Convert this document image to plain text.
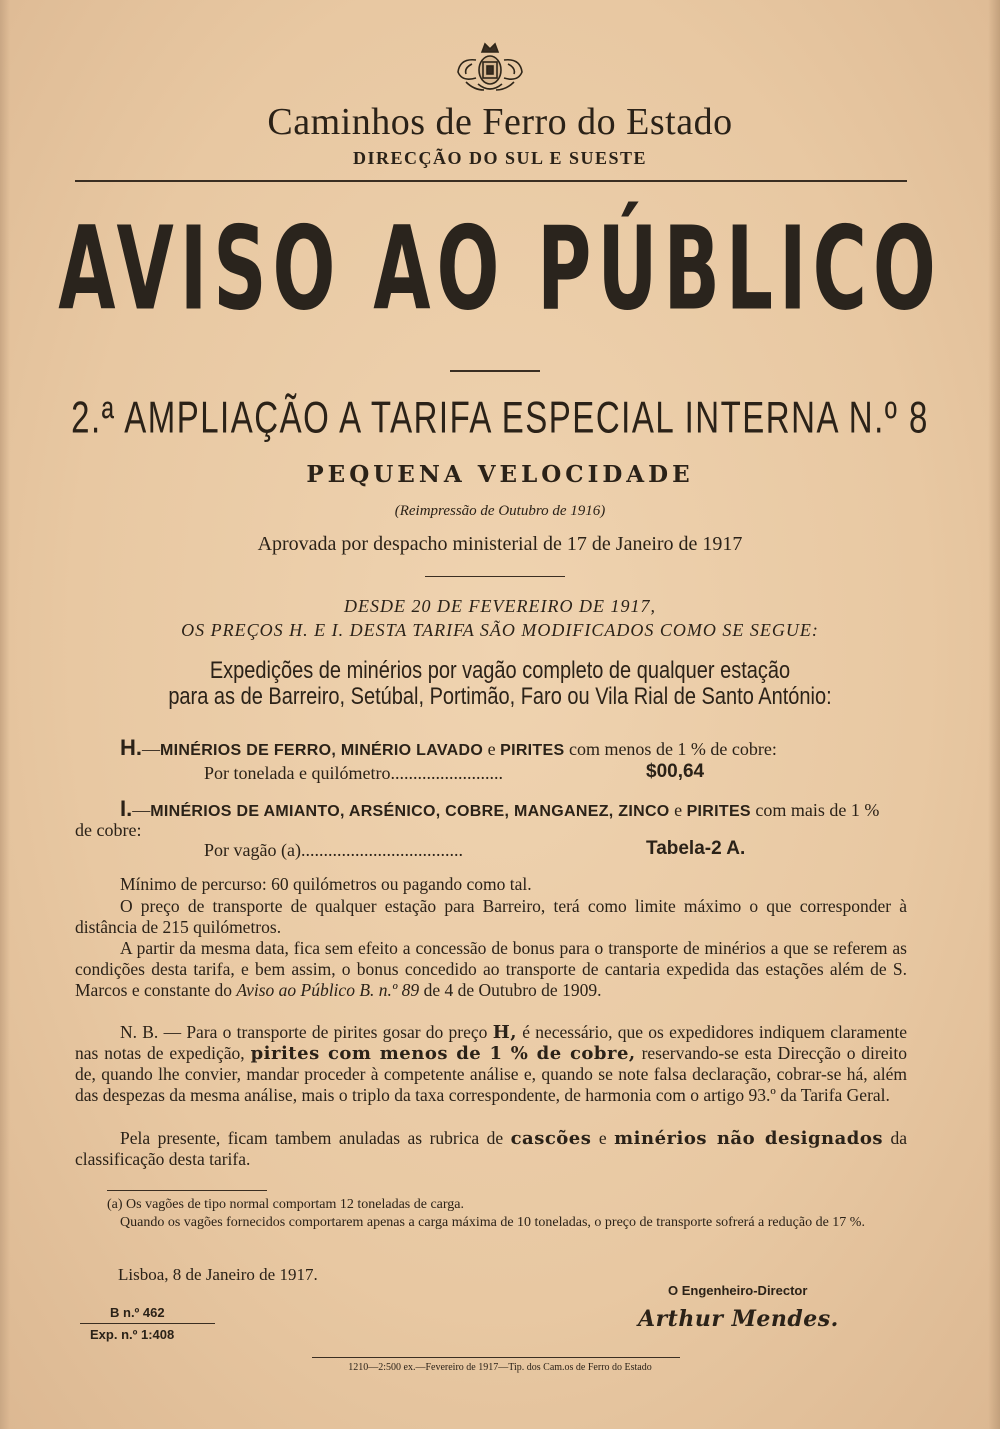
Caminhos de Ferro do Estado
DIRECÇÃO DO SUL E SUESTE
AVISO AO PÚBLICO
2.ª AMPLIAÇÃO A TARIFA ESPECIAL INTERNA N.º 8
PEQUENA VELOCIDADE
(Reimpressão de Outubro de 1916)
Aprovada por despacho ministerial de 17 de Janeiro de 1917
DESDE 20 DE FEVEREIRO DE 1917,
OS PREÇOS H. E I. DESTA TARIFA SÃO MODIFICADOS COMO SE SEGUE:
Expedições de minérios por vagão completo de qualquer estação
para as de Barreiro, Setúbal, Portimão, Faro ou Vila Rial de Santo António:
H.—MINÉRIOS DE FERRO, MINÉRIO LAVADO e PIRITES com menos de 1 % de cobre:
Por tonelada e quilómetro.........................	$00,64
I.—MINÉRIOS DE AMIANTO, ARSÉNICO, COBRE, MANGANEZ, ZINCO e PIRITES com mais de 1 %
de cobre:
Por vagão (a)....................................	Tabela-2 A.
Mínimo de percurso: 60 quilómetros ou pagando como tal.
O preço de transporte de qualquer estação para Barreiro, terá como limite máximo o que corresponder à distância de 215 quilómetros.
A partir da mesma data, fica sem efeito a concessão de bonus para o transporte de minérios a que se referem as condições desta tarifa, e bem assim, o bonus concedido ao transporte de cantaria expedida das estações além de S. Marcos e constante do Aviso ao Público B. n.º 89 de 4 de Outubro de 1909.
N. B. — Para o transporte de pirites gosar do preço H, é necessário, que os expedidores indiquem claramente nas notas de expedição, pirites com menos de 1 % de cobre, reservando-se esta Direcção o direito de, quando lhe convier, mandar proceder à competente análise e, quando se note falsa declaração, cobrar-se há, além das despezas da mesma análise, mais o triplo da taxa correspondente, de harmonia com o artigo 93.º da Tarifa Geral.
Pela presente, ficam tambem anuladas as rubrica de cascões e minérios não designados da classificação desta tarifa.
(a) Os vagões de tipo normal comportam 12 toneladas de carga.
Quando os vagões fornecidos comportarem apenas a carga máxima de 10 toneladas, o preço de transporte sofrerá a redução de 17 %.
Lisboa, 8 de Janeiro de 1917.
O Engenheiro-Director
Arthur Mendes.
B n.º 462
Exp. n.º 1:408
1210—2:500 ex.—Fevereiro de 1917—Tip. dos Cam.os de Ferro do Estado
